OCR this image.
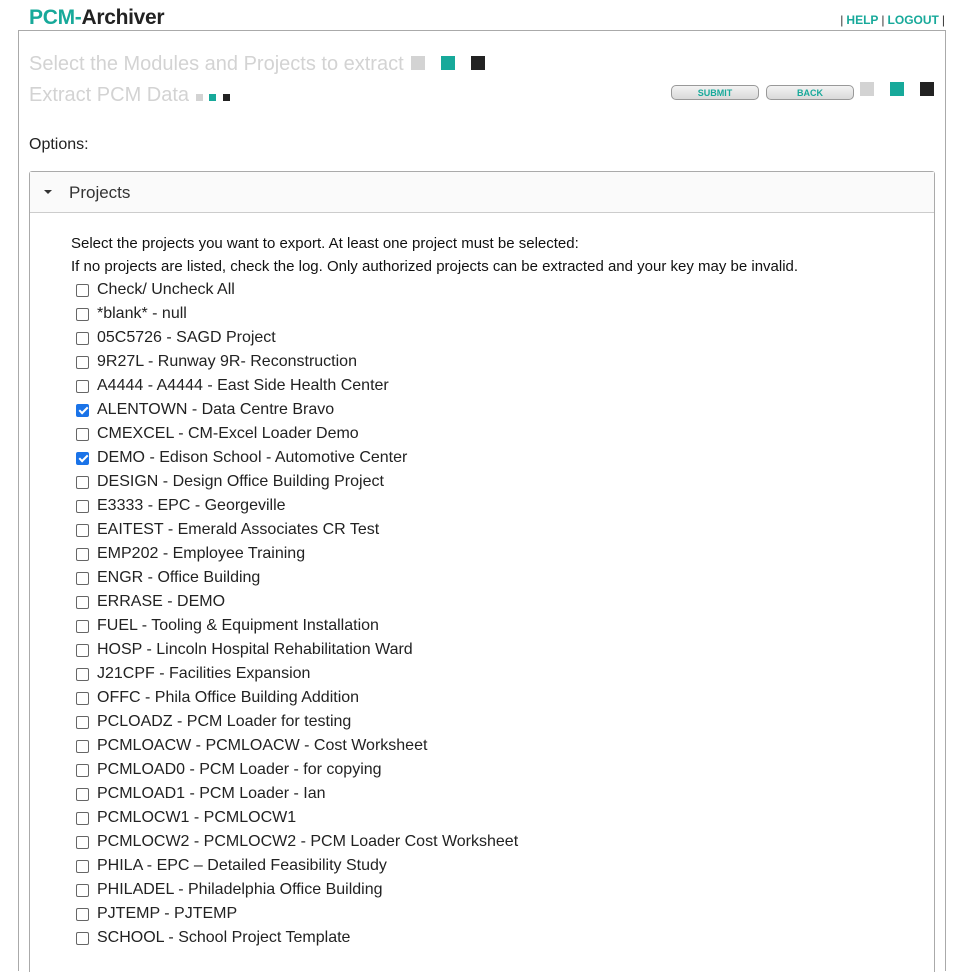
PCM-Archiver	| HELP | LOGOUT |
Select the Modules and Projects to extract
Extract PCM Data	SUBMIT	BACK
Options:
Projects
Select the projects you want to export. At least one project must be selected:
If no projects are listed, check the log. Only authorized projects can be extracted and your key may be invalid.
Check/ Uncheck All
*blank* - null
05C5726 - SAGD Project
9R27L - Runway 9R- Reconstruction
A4444 - A4444 - East Side Health Center
ALENTOWN - Data Centre Bravo
CMEXCEL - CM-Excel Loader Demo
DEMO - Edison School - Automotive Center
DESIGN - Design Office Building Project
E3333 - EPC - Georgeville
EAITEST - Emerald Associates CR Test
EMP202 - Employee Training
ENGR - Office Building
ERRASE - DEMO
FUEL - Tooling & Equipment Installation
HOSP - Lincoln Hospital Rehabilitation Ward
J21CPF - Facilities Expansion
OFFC - Phila Office Building Addition
PCLOADZ - PCM Loader for testing
PCMLOACW - PCMLOACW - Cost Worksheet
PCMLOAD0 - PCM Loader - for copying
PCMLOAD1 - PCM Loader - Ian
PCMLOCW1 - PCMLOCW1
PCMLOCW2 - PCMLOCW2 - PCM Loader Cost Worksheet
PHILA - EPC – Detailed Feasibility Study
PHILADEL - Philadelphia Office Building
PJTEMP - PJTEMP
SCHOOL - School Project Template
